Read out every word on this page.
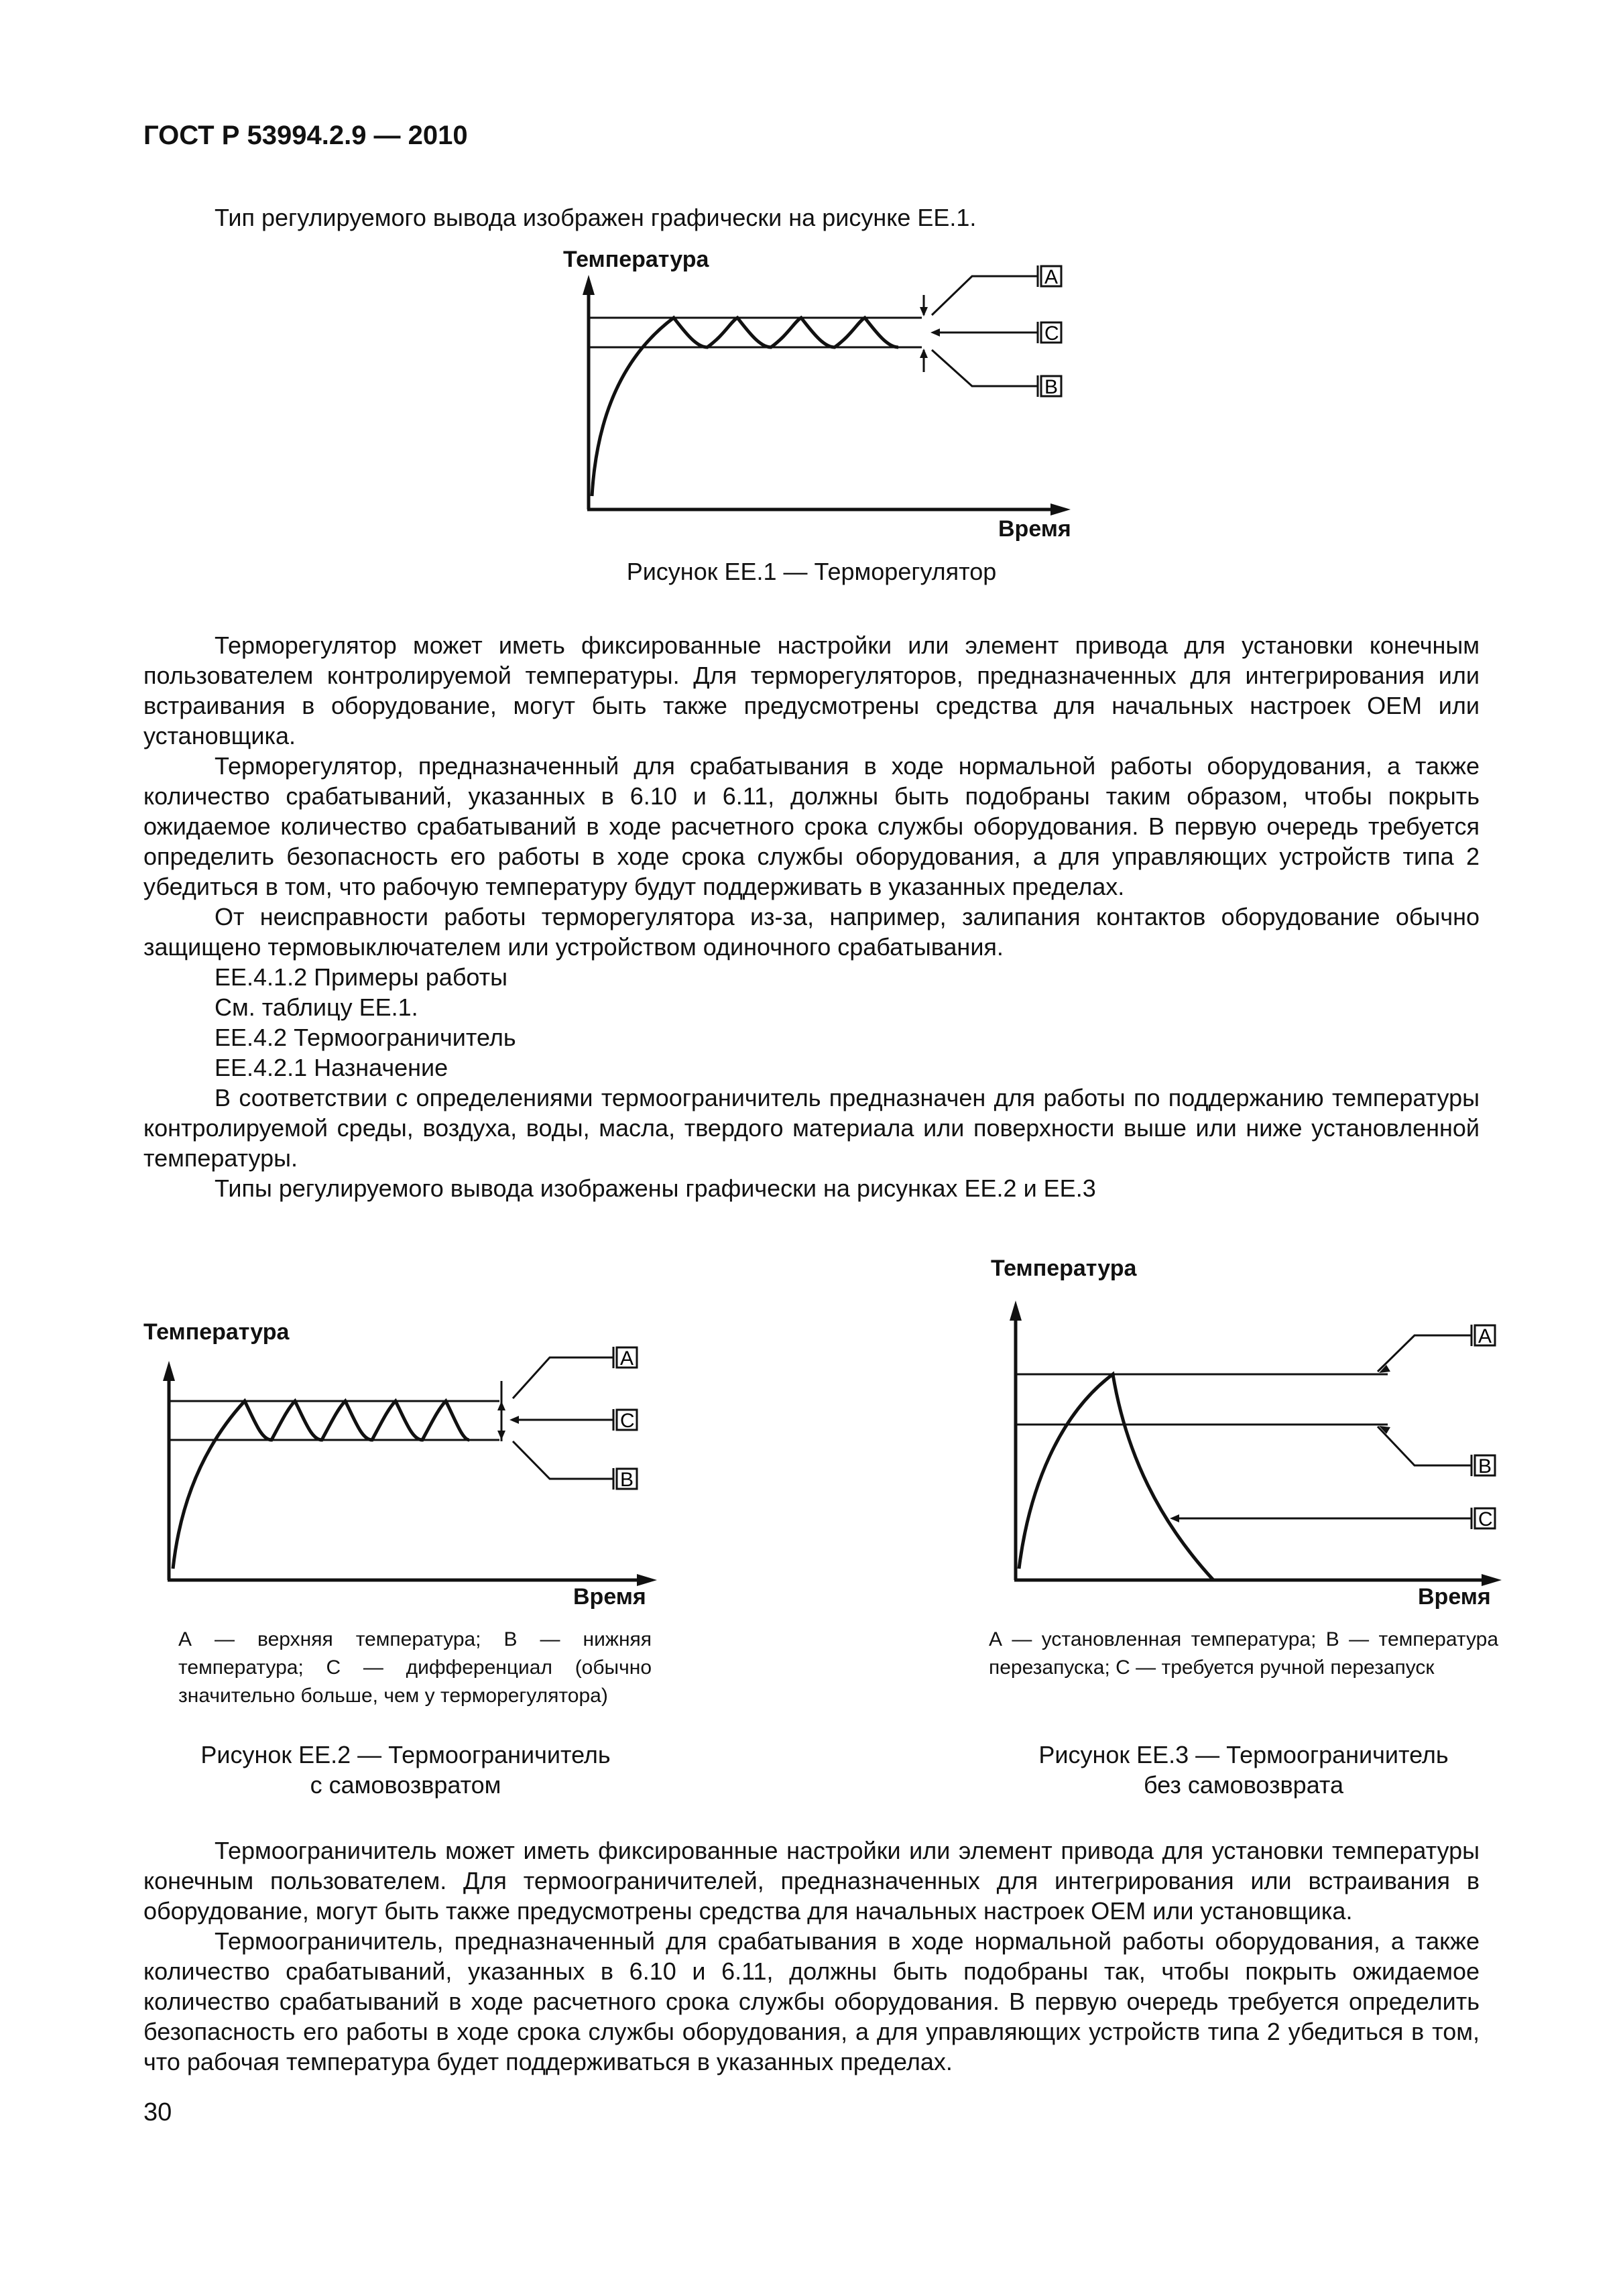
ГОСТ Р 53994.2.9 — 2010
Тип регулируемого вывода изображен графически на рисунке ЕЕ.1.
Температура
A
C
B
A
C
B
A
B
C
Время
Рисунок ЕЕ.1 — Терморегулятор

Терморегулятор может иметь фиксированные настройки или элемент привода для установки конечным пользователем контролируемой температуры. Для терморегуляторов, предназначенных для интегрирования или встраивания в оборудование, могут быть также предусмотрены средства для начальных настроек ОЕМ или установщика.

Терморегулятор, предназначенный для срабатывания в ходе нормальной работы оборудования, а также количество срабатываний, указанных в 6.10 и 6.11, должны быть подобраны таким образом, чтобы покрыть ожидаемое количество срабатываний в ходе расчетного срока службы оборудования. В первую очередь требуется определить безопасность его работы в ходе срока службы оборудования, а для управляющих устройств типа 2 убедиться в том, что рабочую температуру будут поддерживать в указанных пределах.

От неисправности работы терморегулятора из-за, например, залипания контактов оборудование обычно защищено термовыключателем или устройством одиночного срабатывания.

ЕЕ.4.1.2 Примеры работы

См. таблицу ЕЕ.1.

ЕЕ.4.2 Термоограничитель

ЕЕ.4.2.1 Назначение

В соответствии с определениями термоограничитель предназначен для работы по поддержанию температуры контролируемой среды, воздуха, воды, масла, твердого материала или поверхности выше или ниже установленной температуры.

Типы регулируемого вывода изображены графически на рисунках ЕЕ.2 и ЕЕ.3

Температура
Время
А — верхняя температура; В — нижняя температура; С — дифференциал (обычно значительно больше, чем у терморегулятора)
Рисунок ЕЕ.2 — Термоограничитель
с самовозвратом
Температура
Время
А — установленная температура; В — температура перезапуска; С — требуется ручной перезапуск
Рисунок ЕЕ.3 — Термоограничитель
без самовозврата

Термоограничитель может иметь фиксированные настройки или элемент привода для установки температуры конечным пользователем. Для термоограничителей, предназначенных для интегрирования или встраивания в оборудование, могут быть также предусмотрены средства для начальных настроек ОЕМ или установщика.

Термоограничитель, предназначенный для срабатывания в ходе нормальной работы оборудования, а также количество срабатываний, указанных в 6.10 и 6.11, должны быть подобраны так, чтобы покрыть ожидаемое количество срабатываний в ходе расчетного срока службы оборудования. В первую очередь требуется определить безопасность его работы в ходе срока службы оборудования, а для управляющих устройств типа 2 убедиться в том, что рабочая температура будет поддерживаться в указанных пределах.

30
